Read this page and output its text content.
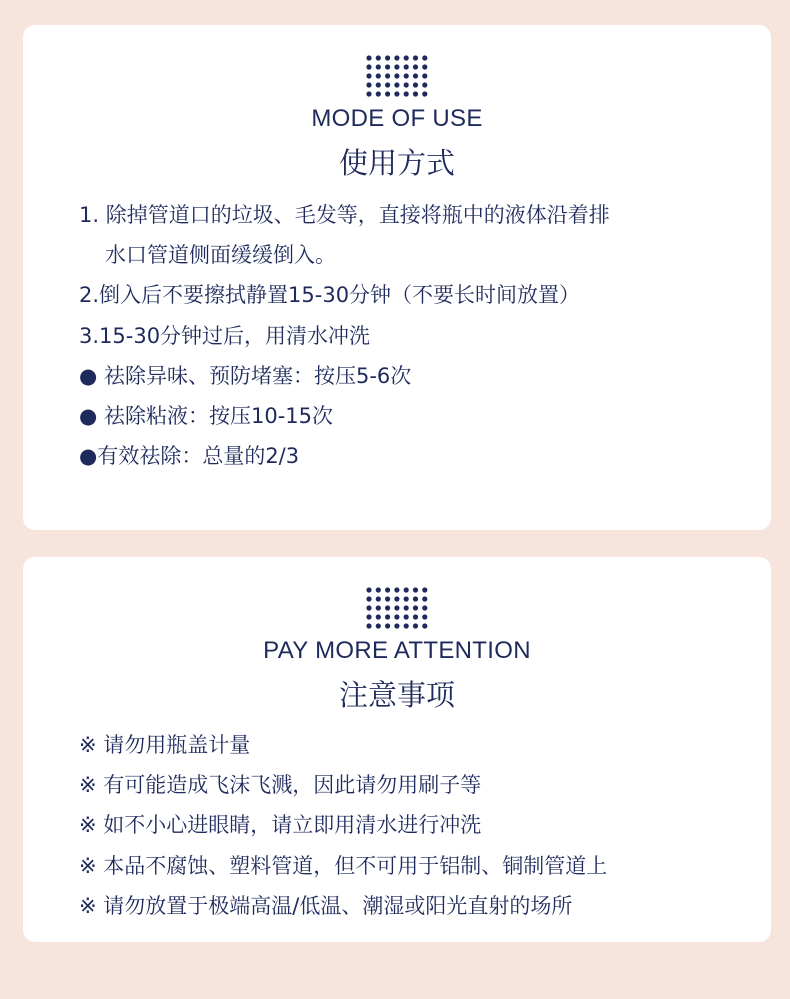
MODE OF USE
使用方式
1. 除掉管道口的垃圾、毛发等，直接将瓶中的液体沿着排
水口管道侧面缓缓倒入。
2.倒入后不要擦拭静置15-30分钟（不要长时间放置）
3.15-30分钟过后，用清水冲洗
● 祛除异味、预防堵塞：按压5-6次
● 祛除粘液：按压10-15次
●有效祛除：总量的2/3
PAY MORE ATTENTION
注意事项
※ 请勿用瓶盖计量
※ 有可能造成飞沫飞溅，因此请勿用刷子等
※ 如不小心进眼睛，请立即用清水进行冲洗
※ 本品不腐蚀、塑料管道，但不可用于铝制、铜制管道上
※ 请勿放置于极端高温/低温、潮湿或阳光直射的场所
